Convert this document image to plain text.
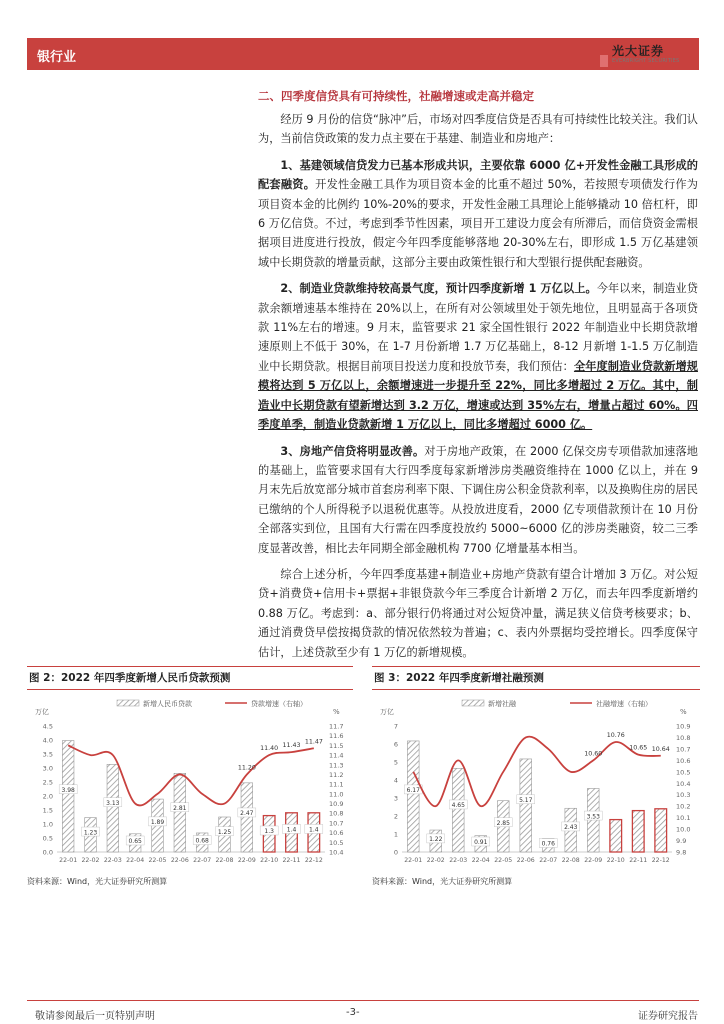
银行业	光大证券
EVERBRIGHT SECURITIES
二、四季度信贷具有可持续性，社融增速或走高并稳定

经历 9 月份的信贷“脉冲”后，市场对四季度信贷是否具有可持续性比较关注。我们认为，当前信贷政策的发力点主要在于基建、制造业和房地产：

1、基建领域信贷发力已基本形成共识，主要依靠 6000 亿+开发性金融工具形成的配套融资。开发性金融工具作为项目资本金的比重不超过 50%，若按照专项债发行作为项目资本金的比例约 10%-20%的要求，开发性金融工具理论上能够撬动 10 倍杠杆，即 6 万亿信贷。不过，考虑到季节性因素，项目开工建设力度会有所滞后，而信贷资金需根据项目进度进行投放，假定今年四季度能够落地 20-30%左右，即形成 1.5 万亿基建领域中长期贷款的增量贡献，这部分主要由政策性银行和大型银行提供配套融资。

2、制造业贷款维持较高景气度，预计四季度新增 1 万亿以上。今年以来，制造业贷款余额增速基本维持在 20%以上，在所有对公领域里处于领先地位，且明显高于各项贷款 11%左右的增速。9 月末，监管要求 21 家全国性银行 2022 年制造业中长期贷款增速原则上不低于 30%，在 1-7 月份新增 1.7 万亿基础上，8-12 月新增 1-1.5 万亿制造业中长期贷款。根据目前项目投送力度和投放节奏，我们预估：全年度制造业贷款新增规模将达到 5 万亿以上，余额增速进一步提升至 22%，同比多增超过 2 万亿。其中，制造业中长期贷款有望新增达到 3.2 万亿，增速或达到 35%左右，增量占超过 60%。四季度单季，制造业贷款新增 1 万亿以上，同比多增超过 6000 亿。

3、房地产信贷将明显改善。对于房地产政策，在 2000 亿保交房专项借款加速落地的基础上，监管要求国有大行四季度每家新增涉房类融资维持在 1000 亿以上，并在 9 月末先后放宽部分城市首套房利率下限、下调住房公积金贷款利率，以及换购住房的居民已缴纳的个人所得税予以退税优惠等。从投放进度看，2000 亿专项借款预计在 10 月份全部落实到位，且国有大行需在四季度投放约 5000~6000 亿的涉房类融资，较二三季度显著改善，相比去年同期全部金融机构 7700 亿增量基本相当。

综合上述分析，今年四季度基建+制造业+房地产贷款有望合计增加 3 万亿。对公短贷+消费贷+信用卡+票据+非银贷款今年三季度合计新增 2 万亿，而去年四季度新增约 0.88 万亿。考虑到：a、部分银行仍将通过对公短贷冲量，满足狭义信贷考核要求；b、通过消费贷早偿按揭贷款的情况依然较为普遍；c、表内外票据均受控增长。四季度保守估计，上述贷款至少有 1 万亿的新增规模。

图 2：2022 年四季度新增人民币贷款预测
万亿	%
新增人民币贷款	贷款增速（右轴）
0.0
0.5
1.0
1.5
2.0
2.5
3.0
3.5
4.0
4.5
10.4
10.5
10.6
10.7
10.8
10.9
11.0
11.1
11.2
11.3
11.4
11.5
11.6
11.7
3.98
22-01
1.23
22-02
3.13
22-03
0.65
22-04
1.89
22-05
2.81
22-06
0.68
22-07
1.25
22-08
2.47
22-09
1.3
22-10
1.4
22-11
1.4
22-12
11.20
11.40 11.43
11.47
资料来源：Wind，光大证券研究所测算
图 3：2022 年四季度新增社融预测
万亿	%
新增社融	社融增速（右轴）
0
1
2
3
4
5
6
7
9.8
9.9
10.0
10.1
10.2
10.3
10.4
10.5
10.6
10.7
10.8
10.9
6.17
22-01
1.22
22-02
4.65
22-03
0.91
22-04
2.85
22-05
5.17
22-06
0.76
22-07
2.43
22-08
3.53
22-09 22-10 22-11 22-12
10.60
10.76
10.65 10.64
资料来源：Wind，光大证券研究所测算
敬请参阅最后一页特别声明	-3-	证券研究报告
